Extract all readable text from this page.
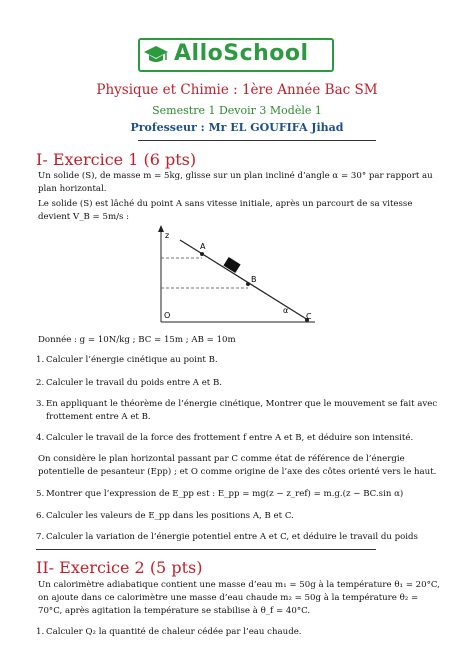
AlloSchool
Physique et Chimie : 1ère Année Bac SM
Semestre 1 Devoir 3 Modèle 1
Professeur : Mr EL GOUFIFA Jihad
I- Exercice 1 (6 pts)
Un solide (S), de masse m = 5kg, glisse sur un plan incliné d’angle α = 30° par rapport au plan horizontal.
Le solide (S) est lâché du point A sans vitesse initiale, après un parcourt de sa vitesse devient V_B = 5m/s :
z
A
B
C
O
α
Donnée : g = 10N/kg ; BC = 15m ; AB = 10m
1. Calculer l’énergie cinétique au point B.
2. Calculer le travail du poids entre A et B.
3. En appliquant le théorème de l’énergie cinétique, Montrer que le mouvement se fait avec frottement entre A et B.
4. Calculer le travail de la force des frottement f entre A et B, et déduire son intensité.
On considère le plan horizontal passant par C comme état de référence de l’énergie potentielle de pesanteur (Epp) ; et O comme origine de l’axe des côtes orienté vers le haut.
5. Montrer que l’expression de E_pp est : E_pp = mg(z − z_ref) = m.g.(z − BC.sin α)
6. Calculer les valeurs de E_pp dans les positions A, B et C.
7. Calculer la variation de l’énergie potentiel entre A et C, et déduire le travail du poids
II- Exercice 2 (5 pts)
Un calorimètre adiabatique contient une masse d’eau m₁ = 50g à la température θ₁ = 20°C, on ajoute dans ce calorimètre une masse d’eau chaude m₂ = 50g à la température θ₂ = 70°C, après agitation la température se stabilise à θ_f = 40°C.
1. Calculer Q₂ la quantité de chaleur cédée par l’eau chaude.
